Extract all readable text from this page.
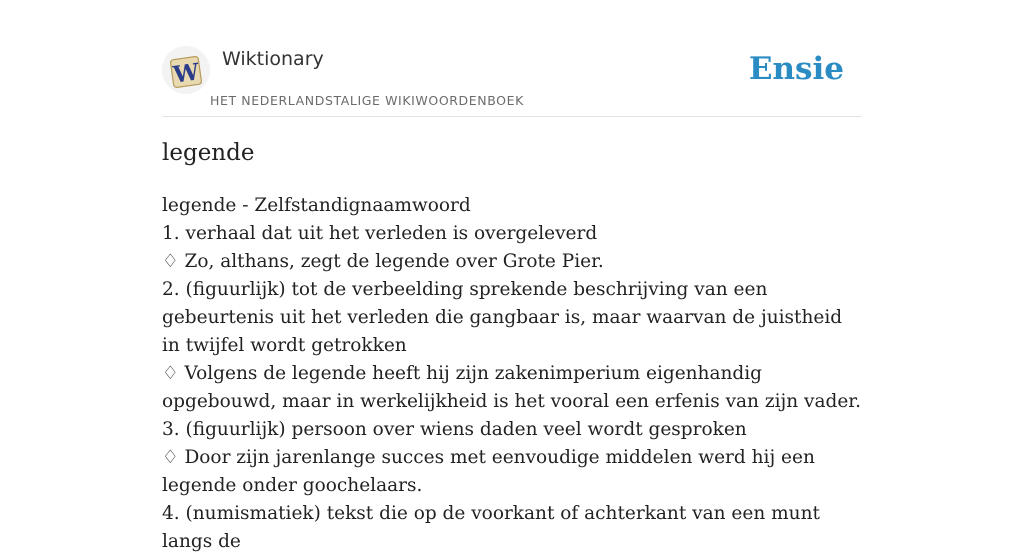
W Wiktionary
HET NEDERLANDSTALIGE WIKIWOORDENBOEK
Ensie
legende

legende - Zelfstandignaamwoord

1. verhaal dat uit het verleden is overgeleverd

♢ Zo, althans, zegt de legende over Grote Pier.

2. (figuurlijk) tot de verbeelding sprekende beschrijving van een gebeurtenis uit het verleden die gangbaar is, maar waarvan de juistheid in twijfel wordt getrokken

♢ Volgens de legende heeft hij zijn zakenimperium eigenhandig opgebouwd, maar in werkelijkheid is het vooral een erfenis van zijn vader.

3. (figuurlijk) persoon over wiens daden veel wordt gesproken

♢ Door zijn jarenlange succes met eenvoudige middelen werd hij een legende onder goochelaars.

4. (numismatiek) tekst die op de voorkant of achterkant van een munt langs de
